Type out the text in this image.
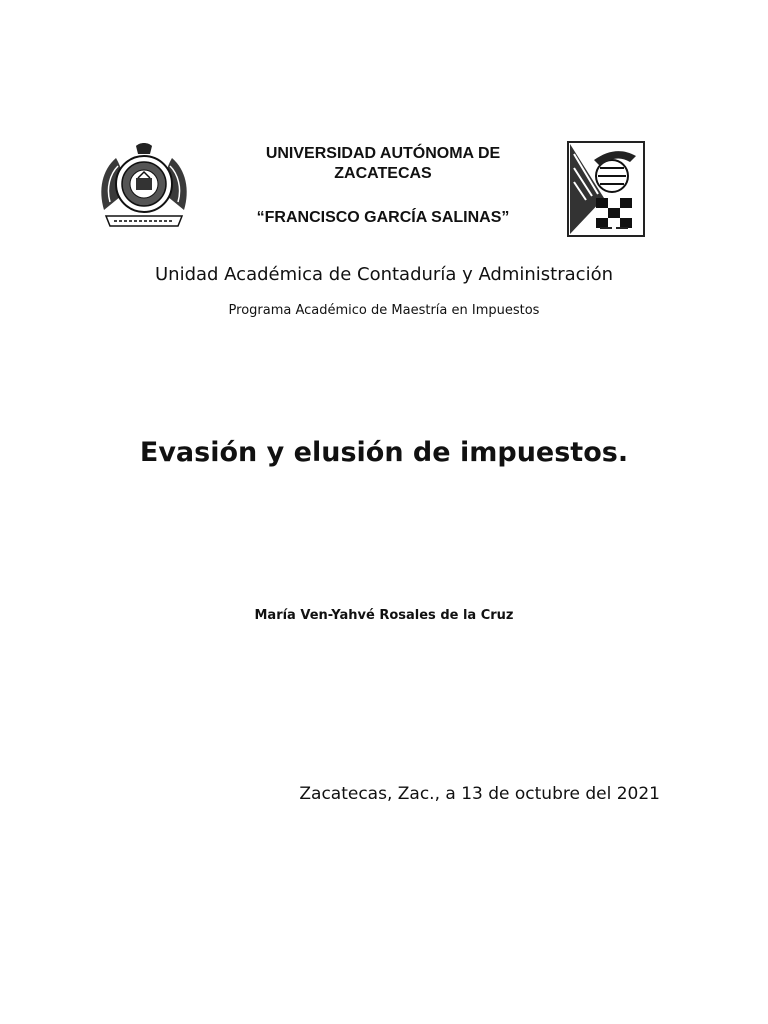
UNIVERSIDAD AUTÓNOMA DE
ZACATECAS
“FRANCISCO GARCÍA SALINAS”
Unidad Académica de Contaduría y Administración
Programa Académico de Maestría en Impuestos
Evasión y elusión de impuestos.
María Ven-Yahvé Rosales de la Cruz
Zacatecas, Zac., a 13 de octubre del 2021
